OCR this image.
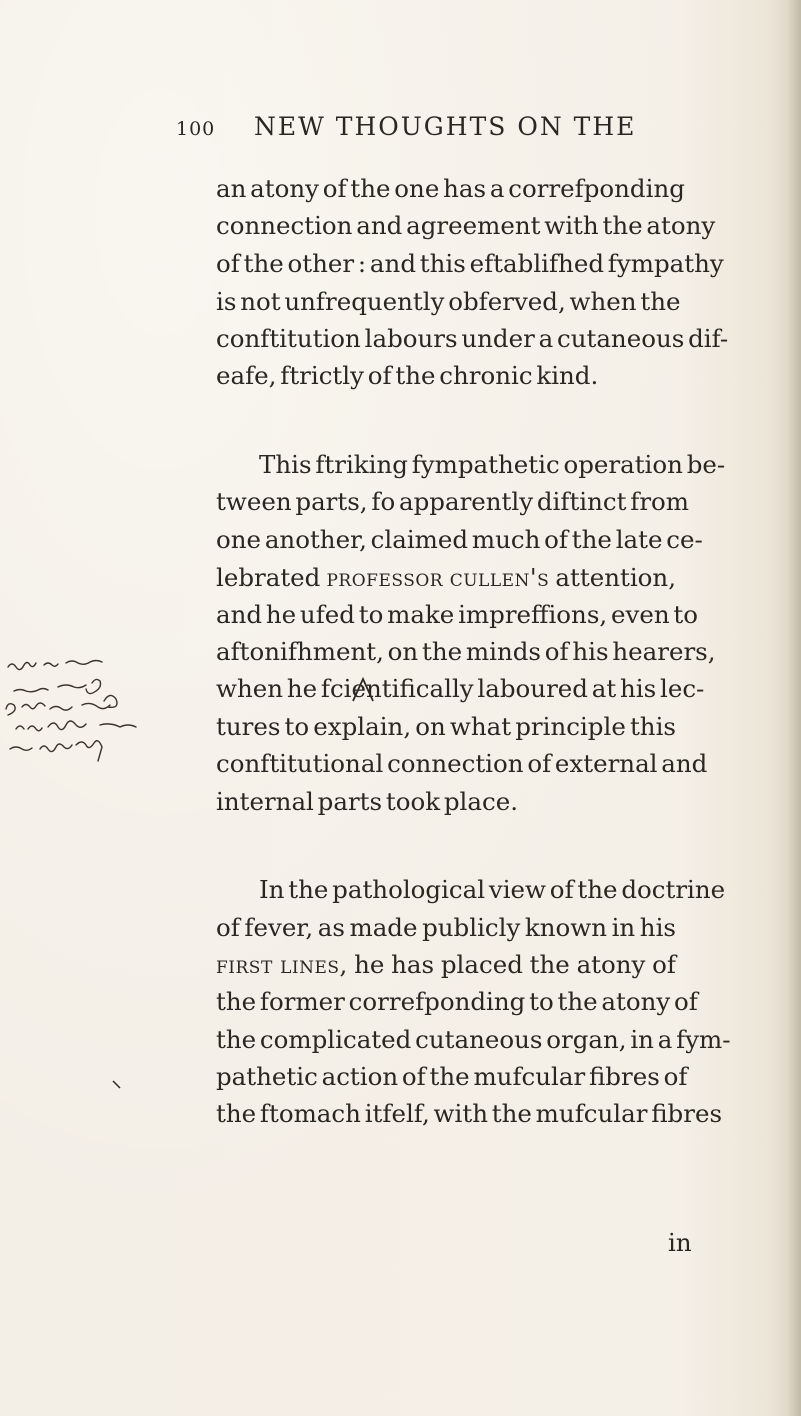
100 NEW THOUGHTS ON THE
an atony of the one has a correfponding
connection and agreement with the atony
of the other : and this eftablifhed fympathy
is not unfrequently obferved, when the
conftitution labours under a cutaneous dif-
eafe, ftrictly of the chronic kind.
This ftriking fympathetic operation be-
tween parts, fo apparently diftinct from
one another, claimed much of the late ce-
lebrated professor cullen's attention,
and he ufed to make impreffions, even to
aftonifhment, on the minds of his hearers,
when he fcientifically laboured at his lec-
tures to explain, on what principle this
conftitutional connection of external and
internal parts took place.
In the pathological view of the doctrine
of fever, as made publicly known in his
first lines, he has placed the atony of
the former correfponding to the atony of
the complicated cutaneous organ, in a fym-
pathetic action of the mufcular fibres of
the ftomach itfelf, with the mufcular fibres
in
